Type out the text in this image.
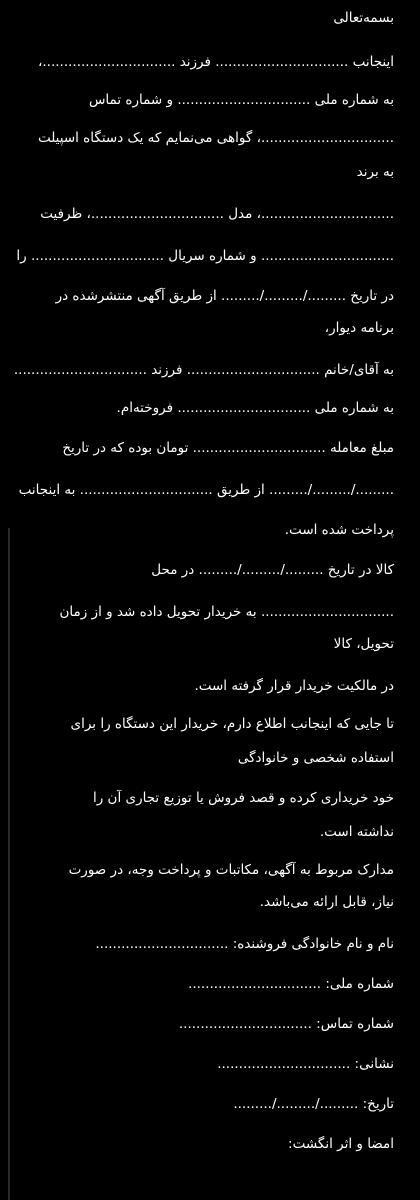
بسمه‌تعالی
اینجانب ............................... فرزند ...............................،
به شماره ملی ............................... و شماره تماس
...............................، گواهی می‌نمایم که یک دستگاه اسپیلت
به برند
...............................، مدل ...............................، ظرفیت
............................... و شماره سریال ............................... را
در تاریخ ........./........./......... از طریق آگهی منتشرشده در
برنامه دیوار،
به آقای/خانم ............................... فرزند ...............................
به شماره ملی ............................... فروخته‌ام.
مبلغ معامله ............................... تومان بوده که در تاریخ
........./........./......... از طریق ............................... به اینجانب
پرداخت شده است.
کالا در تاریخ ........./........./......... در محل
............................... به خریدار تحویل داده شد و از زمان
تحویل، کالا
در مالکیت خریدار قرار گرفته است.
تا جایی که اینجانب اطلاع دارم، خریدار این دستگاه را برای
استفاده شخصی و خانوادگی
خود خریداری کرده و قصد فروش یا توزیع تجاری آن را
نداشته است.
مدارک مربوط به آگهی، مکاتبات و پرداخت وجه، در صورت
نیاز، قابل ارائه می‌باشد.
نام و نام خانوادگی فروشنده: ...............................
شماره ملی: ...............................
شماره تماس: ...............................
نشانی: ...............................
تاریخ: ........./........./.........
امضا و اثر انگشت:
